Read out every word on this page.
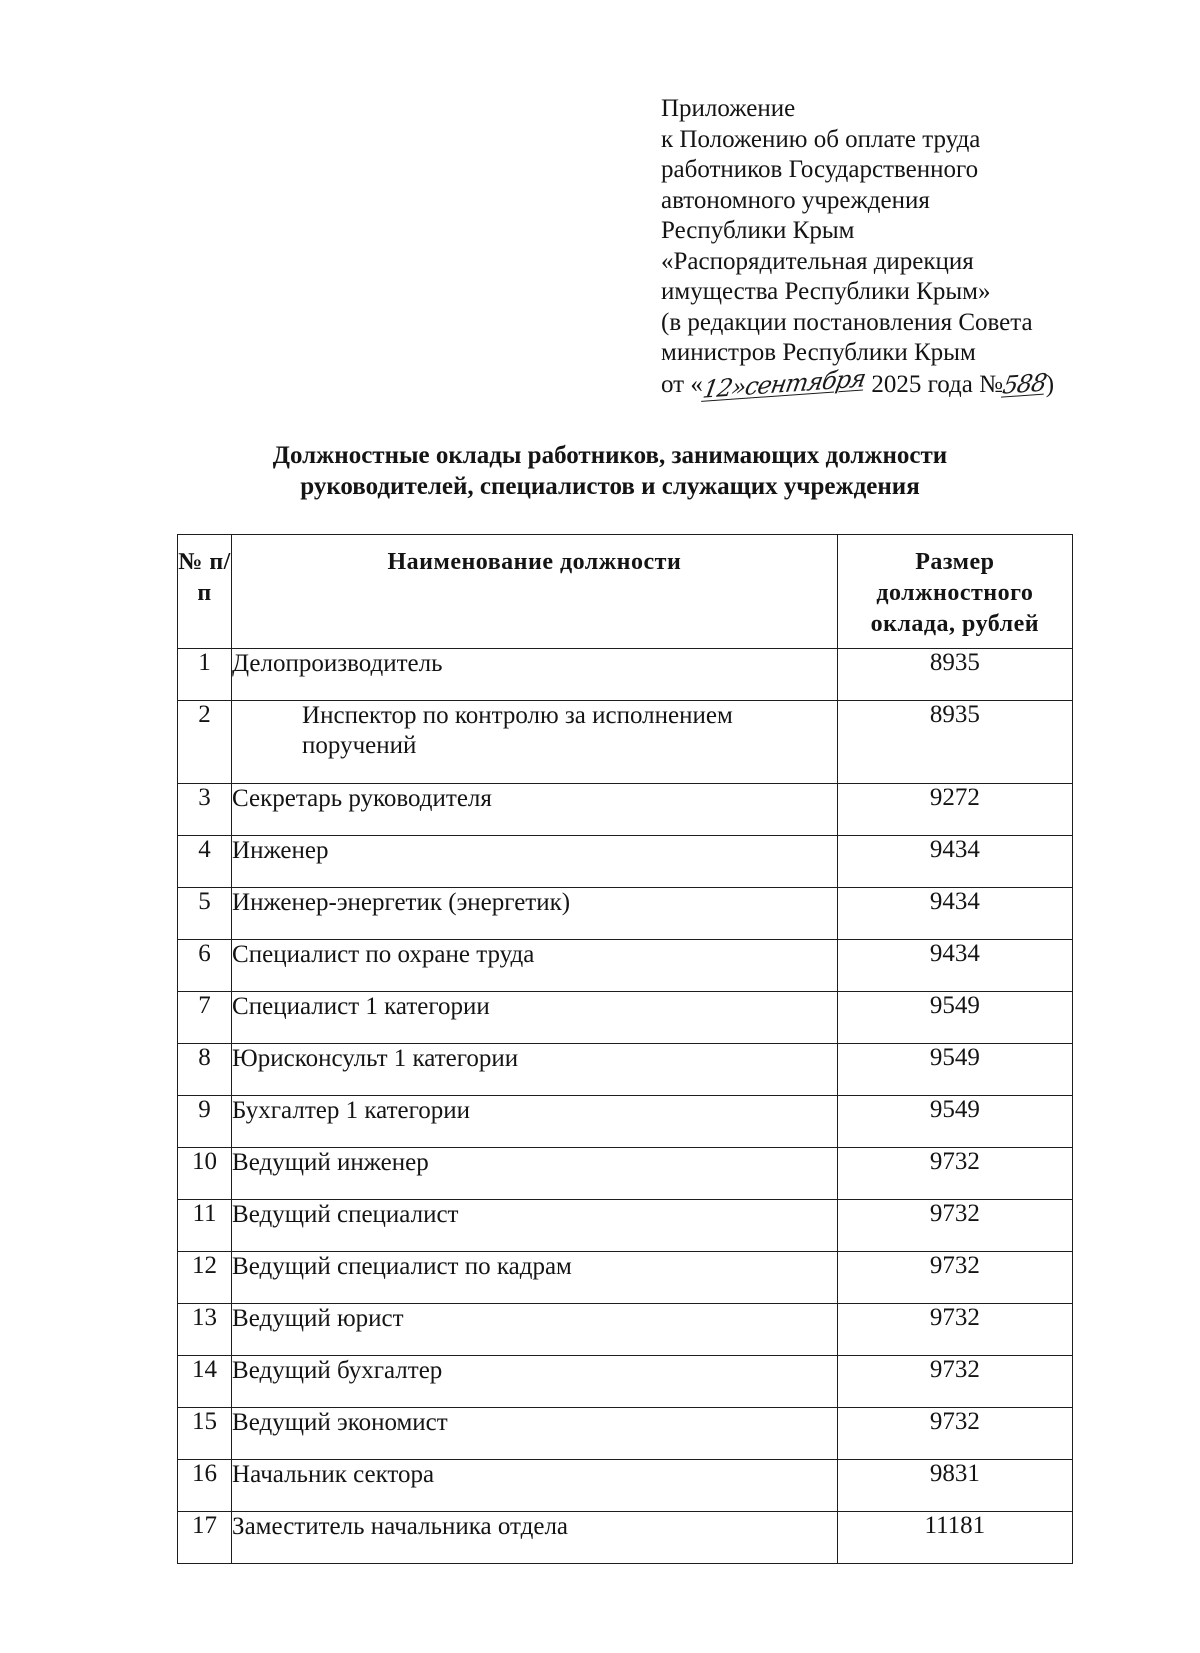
Приложение
к Положению об оплате труда
работников Государственного
автономного учреждения
Республики Крым
«Распорядительная дирекция
имущества Республики Крым»
(в редакции постановления Совета
министров Республики Крым
от «12»сентября 2025 года №588)
Должностные оклады работников, занимающих должности
руководителей, специалистов и служащих учреждения
№ п/п	Наименование должности	Размер должностного оклада, рублей
1	Делопроизводитель	8935
2	Инспектор по контролю за исполнением поручений	8935
3	Секретарь руководителя	9272
4	Инженер	9434
5	Инженер-энергетик (энергетик)	9434
6	Специалист по охране труда	9434
7	Специалист 1 категории	9549
8	Юрисконсульт 1 категории	9549
9	Бухгалтер 1 категории	9549
10	Ведущий инженер	9732
11	Ведущий специалист	9732
12	Ведущий специалист по кадрам	9732
13	Ведущий юрист	9732
14	Ведущий бухгалтер	9732
15	Ведущий экономист	9732
16	Начальник сектора	9831
17	Заместитель начальника отдела	11181
